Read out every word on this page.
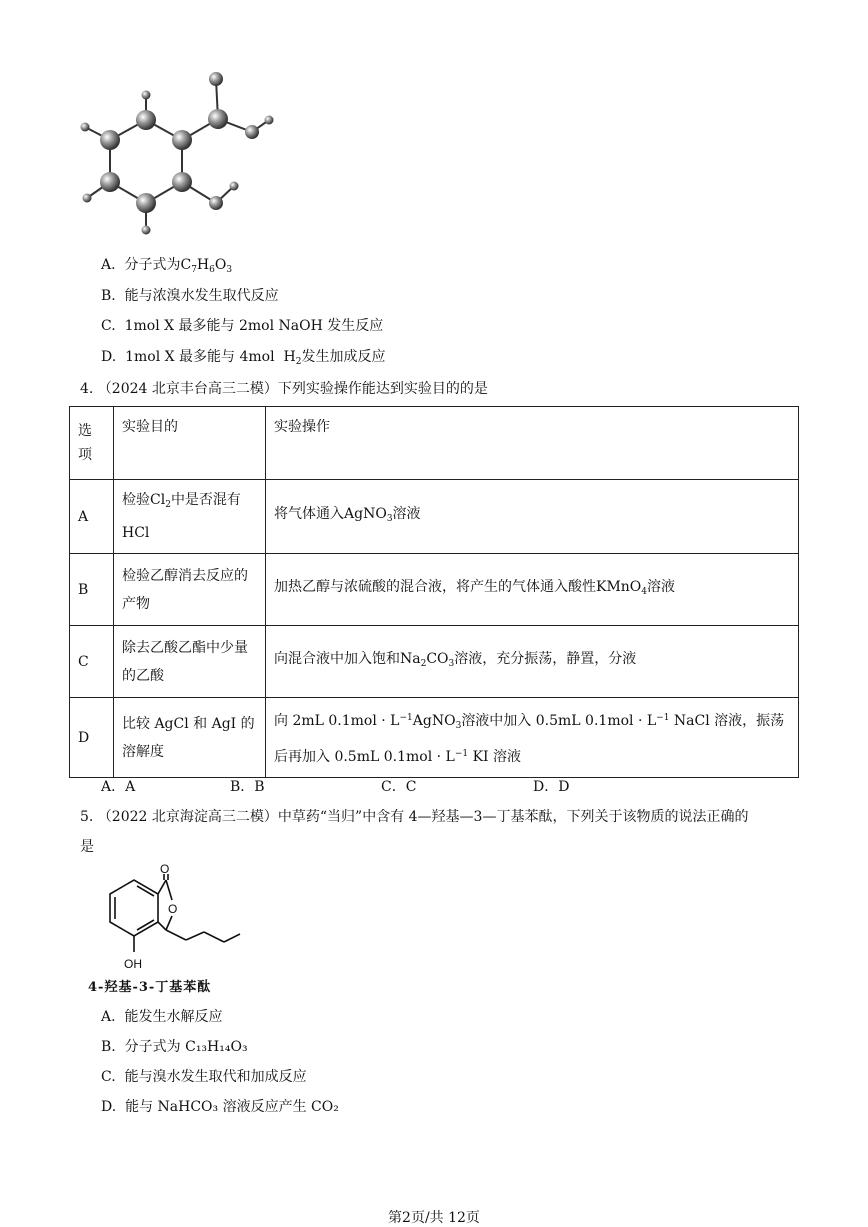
A. 分子式为$C_7H_6O_3$
B. 能与浓溴水发生取代反应
C. 1mol X 最多能与 2mol NaOH 发生反应
D. 1mol X 最多能与 4mol  $H_2$发生加成反应
4. （2024 北京丰台高三二模）下列实验操作能达到实验目的的是
选项	实验目的	实验操作
A	检验$Cl_2$中是否混有HCl	将气体通入AgNO$_3$溶液
B	检验乙醇消去反应的产物	加热乙醇与浓硫酸的混合液，将产生的气体通入酸性KMnO$_4$溶液
C	除去乙酸乙酯中少量的乙酸	向混合液中加入饱和$Na_2CO_3$溶液，充分振荡，静置，分液
D	比较 AgCl 和 AgI 的溶解度	向 2mL $0.1mol \cdot L^{-1}AgNO_3$溶液中加入 0.5mL $0.1mol \cdot L^{-1}$ NaCl 溶液，振荡后再加入 0.5mL $0.1mol \cdot L^{-1}$ KI 溶液
A．A	B．B	C．C	D．D
5. （2022 北京海淀高三二模）中草药“当归”中含有 4—羟基—3—丁基苯酞，下列关于该物质的说法正确的
是
O
O
OH
4-羟基-3-丁基苯酞
A. 能发生水解反应
B. 分子式为 C₁₃H₁₄O₃
C. 能与溴水发生取代和加成反应
D. 能与 NaHCO₃ 溶液反应产生 CO₂
第2页/共 12页
